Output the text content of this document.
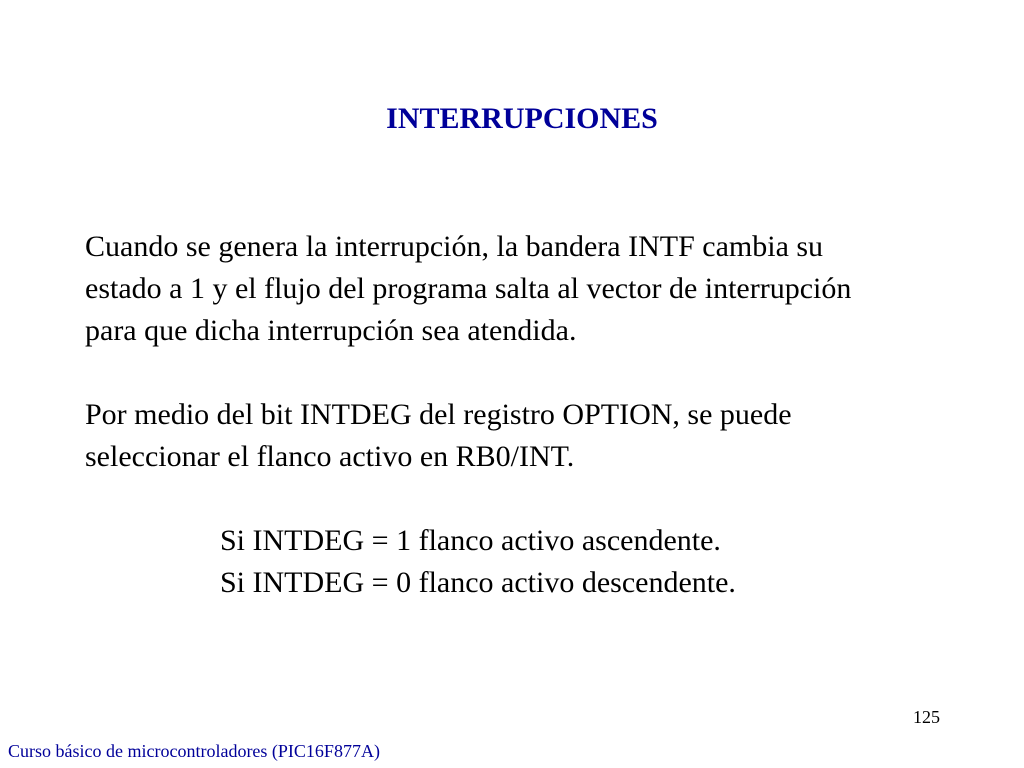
INTERRUPCIONES
Cuando se genera la interrupción, la bandera INTF cambia su
estado a 1 y el flujo del programa salta al vector de interrupción
para que dicha interrupción sea atendida.
Por medio del bit INTDEG del registro OPTION, se puede
seleccionar el flanco activo en RB0/INT.
Si INTDEG = 1 flanco activo ascendente.
Si INTDEG = 0 flanco activo descendente.
125
Curso básico de microcontroladores (PIC16F877A)
